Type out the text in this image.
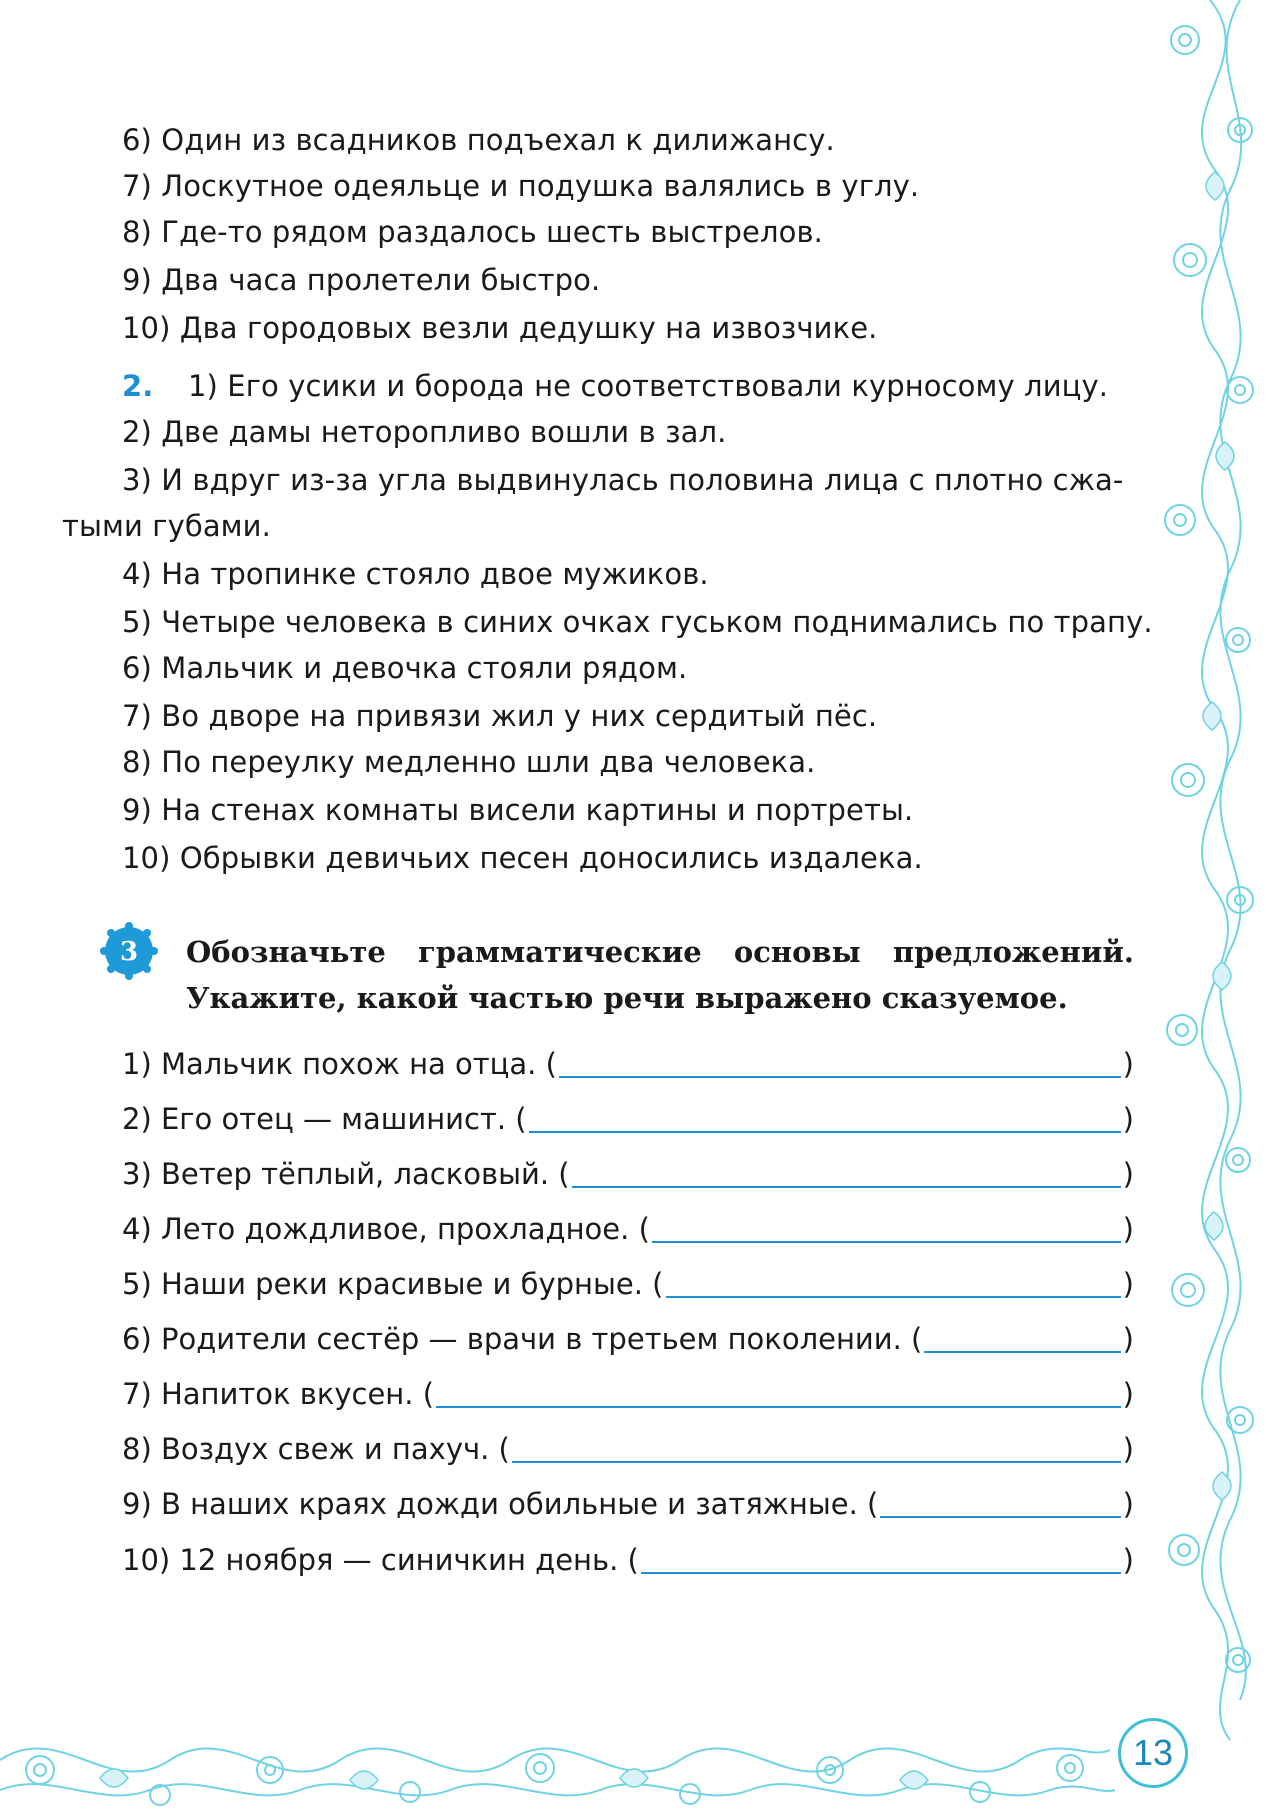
6) Один из всадников подъехал к дилижансу.
7) Лоскутное одеяльце и подушка валялись в углу.
8) Где-то рядом раздалось шесть выстрелов.
9) Два часа пролетели быстро.
10) Два городовых везли дедушку на извозчике.
2. 1) Его усики и борода не соответствовали курносому лицу.
2) Две дамы неторопливо вошли в зал.
3) И вдруг из-за угла выдвинулась половина лица с плотно сжа-
тыми губами.
4) На тропинке стояло двое мужиков.
5) Четыре человека в синих очках гуськом поднимались по трапу.
6) Мальчик и девочка стояли рядом.
7) Во дворе на привязи жил у них сердитый пёс.
8) По переулку медленно шли два человека.
9) На стенах комнаты висели картины и портреты.
10) Обрывки девичьих песен доносились издалека.
3 Обозначьте грамматические основы предложений.
Укажите, какой частью речи выражено сказуемое.
1) Мальчик похож на отца. (	)
2) Его отец — машинист. (	)
3) Ветер тёплый, ласковый. (	)
4) Лето дождливое, прохладное. (	)
5) Наши реки красивые и бурные. (	)
6) Родители сестёр — врачи в третьем поколении. (	)
7) Напиток вкусен. (	)
8) Воздух свеж и пахуч. (	)
9) В наших краях дожди обильные и затяжные. (	)
10) 12 ноября — синичкин день. (	)
13
